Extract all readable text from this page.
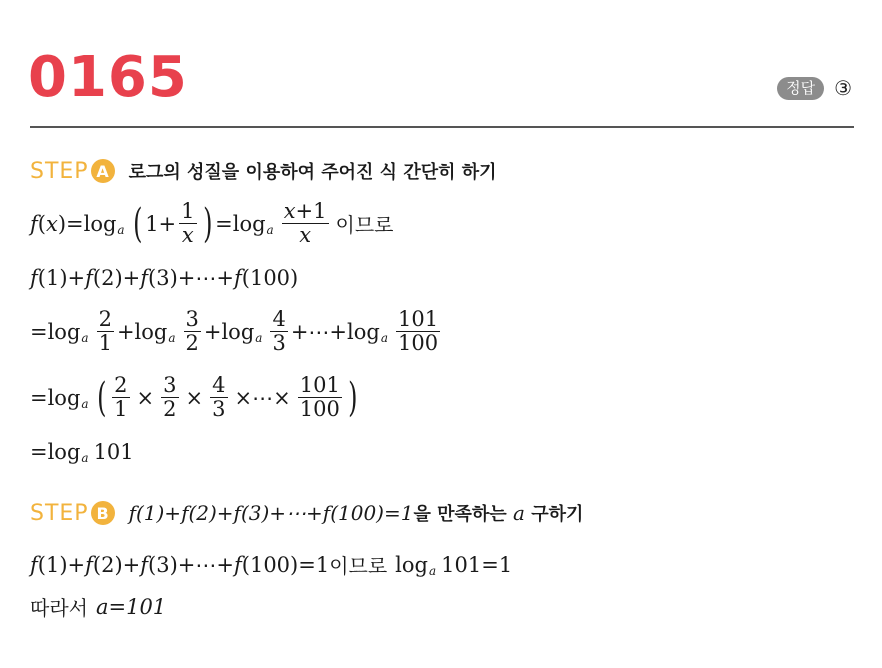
0165	정답 ③
STEP A	로그의 성질을 이용하여 주어진 식 간단히 하기
f(x)=log a ( $1+ \frac{1}{x}$ ) =log a $\frac{x+1}{x}$ 이므로
f(1)+f(2)+f(3)+⋯+f(100)
=log a $\frac{2}{1} +\log$ a $\frac{3}{2} +\log$ a $\frac{4}{3}$ +⋯+log a $\frac{101}{100}$
=log a ( $\frac{2}{1} \times \frac{3}{2} \times \frac{4}{3}$ ×⋯× $\frac{101}{100}$ )
=log a 101
STEP B f(1)+f(2)+f(3)+⋯+f(100)=1을 만족하는 a 구하기
f(1)+f(2)+f(3)+⋯+f(100)=1 이므로 log a 101=1
따라서 a=101
